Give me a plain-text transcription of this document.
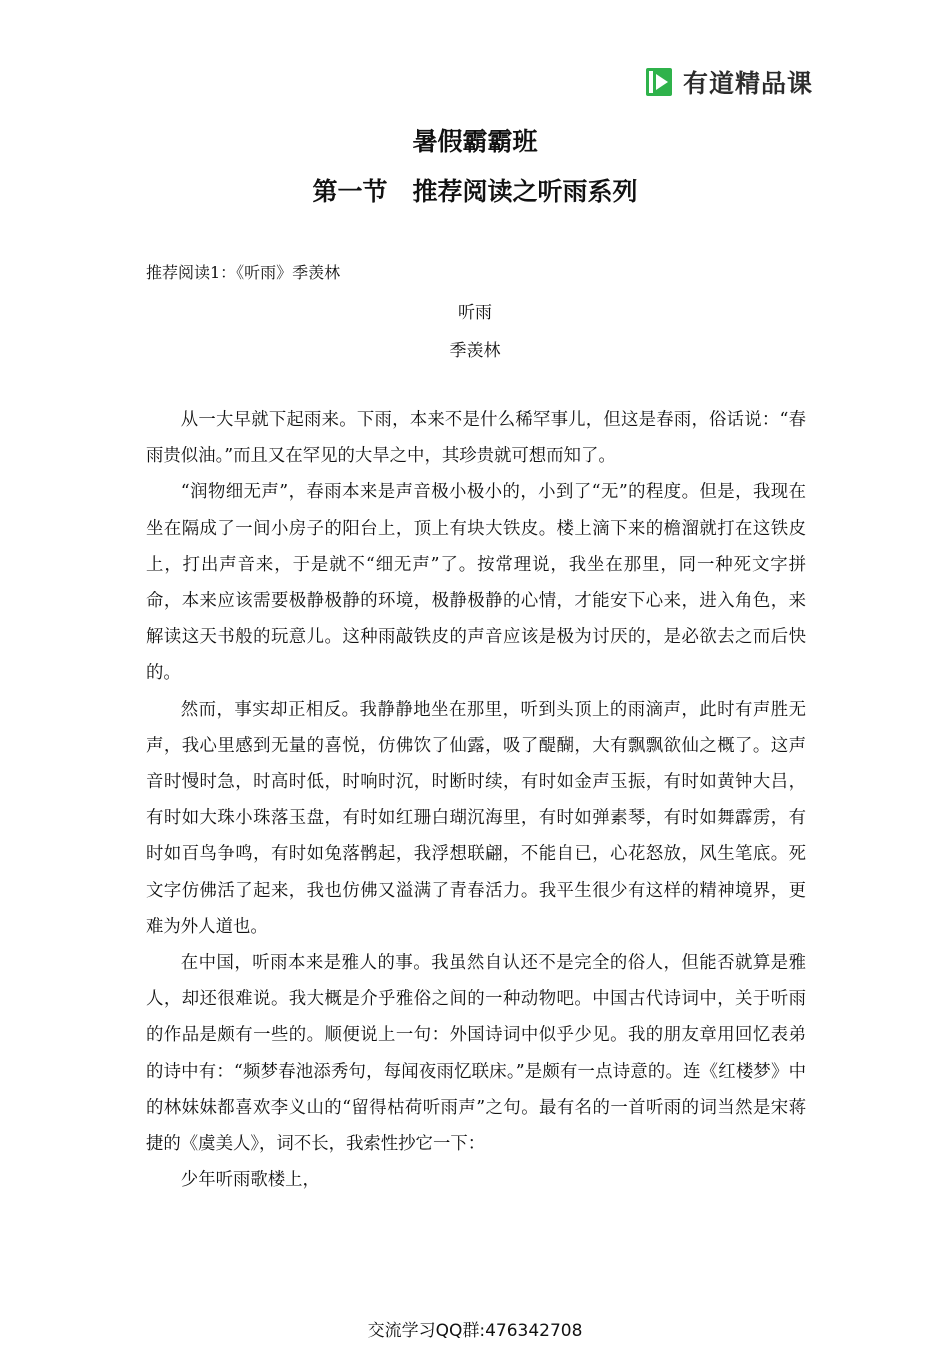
有道精品课
暑假霸霸班
第一节　推荐阅读之听雨系列
推荐阅读1：《听雨》季羡林
听雨
季羡林

从一大早就下起雨来。下雨，本来不是什么稀罕事儿，但这是春雨，俗话说：“春雨贵似油。”而且又在罕见的大旱之中，其珍贵就可想而知了。

“润物细无声”，春雨本来是声音极小极小的，小到了“无”的程度。但是，我现在坐在隔成了一间小房子的阳台上，顶上有块大铁皮。楼上滴下来的檐溜就打在这铁皮上，打出声音来，于是就不“细无声”了。按常理说，我坐在那里，同一种死文字拼命，本来应该需要极静极静的环境，极静极静的心情，才能安下心来，进入角色，来解读这天书般的玩意儿。这种雨敲铁皮的声音应该是极为讨厌的，是必欲去之而后快的。

然而，事实却正相反。我静静地坐在那里，听到头顶上的雨滴声，此时有声胜无声，我心里感到无量的喜悦，仿佛饮了仙露，吸了醍醐，大有飘飘欲仙之概了。这声音时慢时急，时高时低，时响时沉，时断时续，有时如金声玉振，有时如黄钟大吕，有时如大珠小珠落玉盘，有时如红珊白瑚沉海里，有时如弹素琴，有时如舞霹雳，有时如百鸟争鸣，有时如兔落鹘起，我浮想联翩，不能自已，心花怒放，风生笔底。死文字仿佛活了起来，我也仿佛又溢满了青春活力。我平生很少有这样的精神境界，更难为外人道也。

在中国，听雨本来是雅人的事。我虽然自认还不是完全的俗人，但能否就算是雅人，却还很难说。我大概是介乎雅俗之间的一种动物吧。中国古代诗词中，关于听雨的作品是颇有一些的。顺便说上一句：外国诗词中似乎少见。我的朋友章用回忆表弟的诗中有：“频梦春池添秀句，每闻夜雨忆联床。”是颇有一点诗意的。连《红楼梦》中的林妹妹都喜欢李义山的“留得枯荷听雨声”之句。最有名的一首听雨的词当然是宋蒋捷的《虞美人》，词不长，我索性抄它一下：

少年听雨歌楼上，

交流学习QQ群:476342708
